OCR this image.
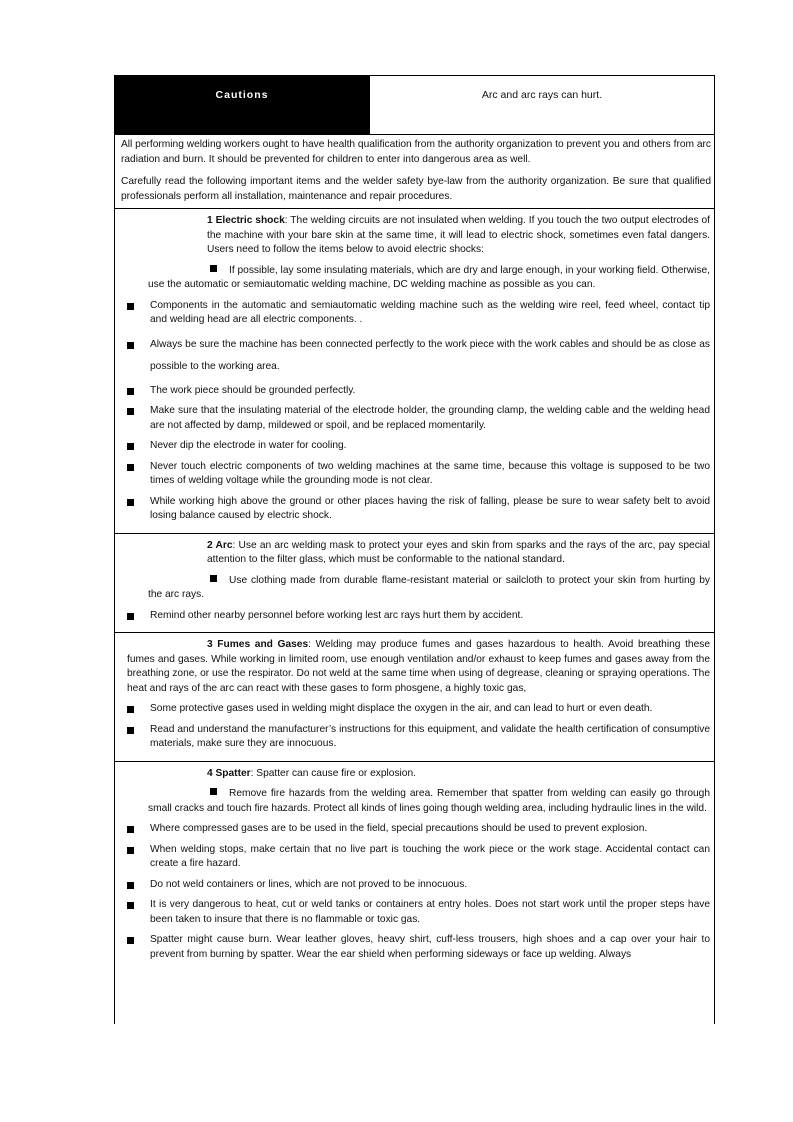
Cautions	Arc and arc rays can hurt.

All performing welding workers ought to have health qualification from the authority organization to prevent you and others from arc radiation and burn. It should be prevented for children to enter into dangerous area as well.

Carefully read the following important items and the welder safety bye-law from the authority organization. Be sure that qualified professionals perform all installation, maintenance and repair procedures.

1 Electric shock: The welding circuits are not insulated when welding. If you touch the two output electrodes of the machine with your bare skin at the same time, it will lead to electric shock, sometimes even fatal dangers. Users need to follow the items below to avoid electric shocks:
If possible, lay some insulating materials, which are dry and large enough, in your working field. Otherwise, use the automatic or semiautomatic welding machine, DC welding machine as possible as you can.
Components in the automatic and semiautomatic welding machine such as the welding wire reel, feed wheel, contact tip and welding head are all electric components. .
Always be sure the machine has been connected perfectly to the work piece with the work cables and should be as close as possible to the working area.
The work piece should be grounded perfectly.
Make sure that the insulating material of the electrode holder, the grounding clamp, the welding cable and the welding head are not affected by damp, mildewed or spoil, and be replaced momentarily.
Never dip the electrode in water for cooling.
Never touch electric components of two welding machines at the same time, because this voltage is supposed to be two times of welding voltage while the grounding mode is not clear.
While working high above the ground or other places having the risk of falling, please be sure to wear safety belt to avoid losing balance caused by electric shock.
2 Arc: Use an arc welding mask to protect your eyes and skin from sparks and the rays of the arc, pay special attention to the filter glass, which must be conformable to the national standard.
Use clothing made from durable flame-resistant material or sailcloth to protect your skin from hurting by the arc rays.
Remind other nearby personnel before working lest arc rays hurt them by accident.
3 Fumes and Gases: Welding may produce fumes and gases hazardous to health. Avoid breathing these fumes and gases. While working in limited room, use enough ventilation and/or exhaust to keep fumes and gases away from the breathing zone, or use the respirator. Do not weld at the same time when using of degrease, cleaning or spraying operations. The heat and rays of the arc can react with these gases to form phosgene, a highly toxic gas,
Some protective gases used in welding might displace the oxygen in the air, and can lead to hurt or even death.
Read and understand the manufacturer’s instructions for this equipment, and validate the health certification of consumptive materials, make sure they are innocuous.
4 Spatter: Spatter can cause fire or explosion.
Remove fire hazards from the welding area. Remember that spatter from welding can easily go through small cracks and touch fire hazards. Protect all kinds of lines going though welding area, including hydraulic lines in the wild.
Where compressed gases are to be used in the field, special precautions should be used to prevent explosion.
When welding stops, make certain that no live part is touching the work piece or the work stage. Accidental contact can create a fire hazard.
Do not weld containers or lines, which are not proved to be innocuous.
It is very dangerous to heat, cut or weld tanks or containers at entry holes. Does not start work until the proper steps have been taken to insure that there is no flammable or toxic gas.
Spatter might cause burn. Wear leather gloves, heavy shirt, cuff-less trousers, high shoes and a cap over your hair to prevent from burning by spatter. Wear the ear shield when performing sideways or face up welding. Always
